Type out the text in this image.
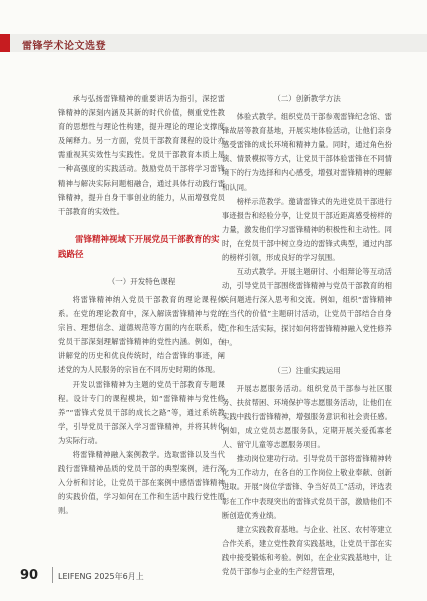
雷锋学术论文选登

承与弘扬雷锋精神的重要讲话为指引，深挖雷锋精神的深刻内涵及其新的时代价值，侧重党性教育的思想性与理论性构建，提升理论的理论支撑度及阐释力。另一方面，党员干部教育课程的设计亦需重视其实效性与实践性。党员干部教育本质上是一种高强度的实践活动。鼓励党员干部将学习雷锋精神与解决实际问题相融合，通过具体行动践行雷锋精神，提升自身干事创业的能力，从而增强党员干部教育的实效性。

雷锋精神视域下开展党员干部教育的实践路径
（一）开发特色课程

将雷锋精神纳入党员干部教育的理论课程体系。在党的理论教育中，深入解读雷锋精神与党的宗旨、理想信念、道德规范等方面的内在联系，使党员干部深刻理解雷锋精神的党性内涵。例如，在讲解党的历史和优良传统时，结合雷锋的事迹，阐述党的为人民服务的宗旨在不同历史时期的体现。

开发以雷锋精神为主题的党员干部教育专题课程。设计专门的课程模块，如“雷锋精神与党性修养”“雷锋式党员干部的成长之路”等，通过系统教学，引导党员干部深入学习雷锋精神，并将其转化为实际行动。

将雷锋精神融入案例教学。选取雷锋以及当代践行雷锋精神品质的党员干部的典型案例，进行深入分析和讨论，让党员干部在案例中感悟雷锋精神的实践价值，学习如何在工作和生活中践行党性原则。

（二）创新教学方法

体验式教学。组织党员干部参观雷锋纪念馆、雷锋故居等教育基地，开展实地体验活动，让他们亲身感受雷锋的成长环境和精神力量。同时，通过角色扮演、情景模拟等方式，让党员干部体验雷锋在不同情境下的行为选择和内心感受，增强对雷锋精神的理解和认同。

榜样示范教学。邀请雷锋式的先进党员干部进行事迹报告和经验分享，让党员干部近距离感受榜样的力量，激发他们学习雷锋精神的积极性和主动性。同时，在党员干部中树立身边的雷锋式典型，通过内部的榜样引领，形成良好的学习氛围。

互动式教学。开展主题研讨、小组辩论等互动活动，引导党员干部围绕雷锋精神与党员干部教育的相关问题进行深入思考和交流。例如，组织“雷锋精神在当代的价值”主题研讨活动，让党员干部结合自身工作和生活实际，探讨如何将雷锋精神融入党性修养中。

（三）注重实践运用

开展志愿服务活动。组织党员干部参与社区服务、扶贫帮困、环境保护等志愿服务活动，让他们在实践中践行雷锋精神，增强服务意识和社会责任感。例如，成立党员志愿服务队，定期开展关爱孤寡老人、留守儿童等志愿服务项目。

推动岗位建功行动。引导党员干部将雷锋精神转化为工作动力，在各自的工作岗位上敬业奉献、创新进取。开展“岗位学雷锋、争当好员工”活动，评选表彰在工作中表现突出的雷锋式党员干部，激励他们不断创造优秀业绩。

建立实践教育基地。与企业、社区、农村等建立合作关系，建立党性教育实践基地，让党员干部在实践中接受锻炼和考验。例如，在企业实践基地中，让党员干部参与企业的生产经营管理，

90 LEIFENG 2025年6月上
